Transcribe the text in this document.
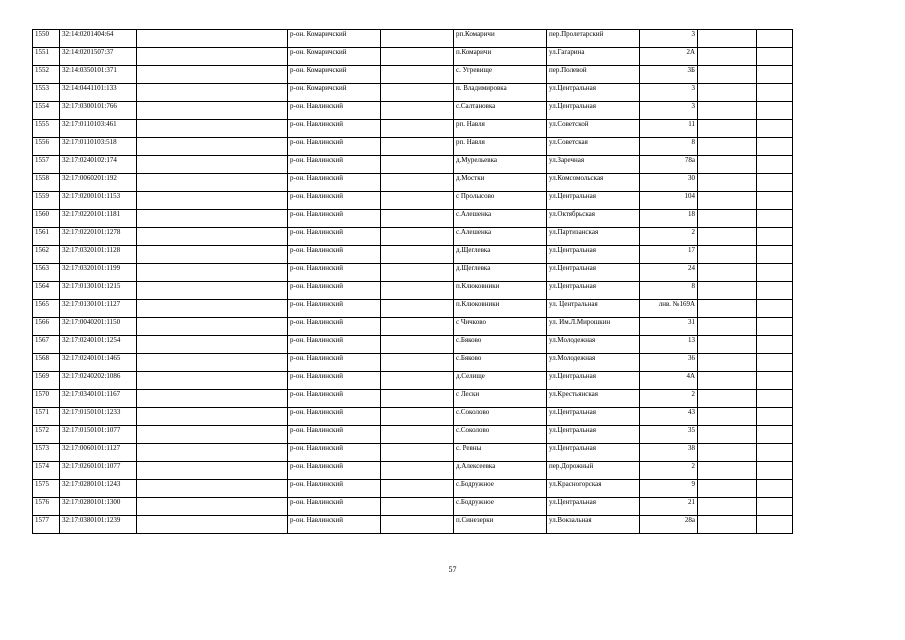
1550	32:14:0201404:64		р-он. Комаричский		рп.Комаричи	пер.Пролетарский	3		
1551	32:14:0201507:37		р-он. Комаричский		п.Комаричи	ул.Гагарина	2А		
1552	32:14:0350101:371		р-он. Комаричский		с. Угревище	пер.Полевой	3Б		
1553	32:14:0441101:133		р-он. Комаричский		п. Владимировка	ул.Центральная	3		
1554	32:17:0300101:766		р-он. Навлинский		с.Салтановка	ул.Центральная	3		
1555	32:17:0110103:461		р-он. Навлинский		рп. Навля	ул.Советской	11		
1556	32:17:0110103:518		р-он. Навлинский		рп. Навля	ул.Советская	8		
1557	32:17:0240102:174		р-он. Навлинский		д.Мурельевка	ул.Заречная	78а		
1558	32:17:0060201:192		р-он. Навлинский		д.Мостки	ул.Комсомольская	30		
1559	32:17:0200101:1153		р-он. Навлинский		с Пролысово	ул.Центральная	104		
1560	32:17:0220101:1181		р-он. Навлинский		с.Алешенка	ул.Октябрьская	18		
1561	32:17:0220101:1278		р-он. Навлинский		с.Алешенка	ул.Партизанская	2		
1562	32:17:0320101:1128		р-он. Навлинский		д.Щеглевка	ул.Центральная	17		
1563	32:17:0320101:1199		р-он. Навлинский		д.Щеглевка	ул.Центральная	24		
1564	32:17:0130101:1215		р-он. Навлинский		п.Клюковники	ул.Центральная	8		
1565	32:17:0130101:1127		р-он. Навлинский		п.Клюковники	ул. Центральная	лнв. №169А		
1566	32:17:0040201:1150		р-он. Навлинский		с Чичково	ул. Им.Л.Мирошкин	31		
1567	32:17:0240101:1254		р-он. Навлинский		с.Бяково	ул.Молодежная	13		
1568	32:17:0240101:1465		р-он. Навлинский		с.Бяково	ул.Молодежная	36		
1569	32:17:0240202:1086		р-он. Навлинский		д.Селище	ул.Центральная	4А		
1570	32:17:0340101:1167		р-он. Навлинский		с Лески	ул.Крестьянская	2		
1571	32:17:0150101:1233		р-он. Навлинский		с.Соколово	ул.Центральная	43		
1572	32:17:0150101:1077		р-он. Навлинский		с.Соколово	ул.Центральная	35		
1573	32:17:0060101:1127		р-он. Навлинский		с. Ревны	ул.Центральная	38		
1574	32:17:0260101:1077		р-он. Навлинский		д.Алексеевка	пер.Дорожный	2		
1575	32:17:0280101:1243		р-он. Навлинский		с.Бодружное	ул.Красногорская	9		
1576	32:17:0280101:1300		р-он. Навлинский		с.Бодружное	ул.Центральная	21		
1577	32:17:0380101:1239		р-он. Навлинский		п.Синезерки	ул.Вокзальная	28а		
57
